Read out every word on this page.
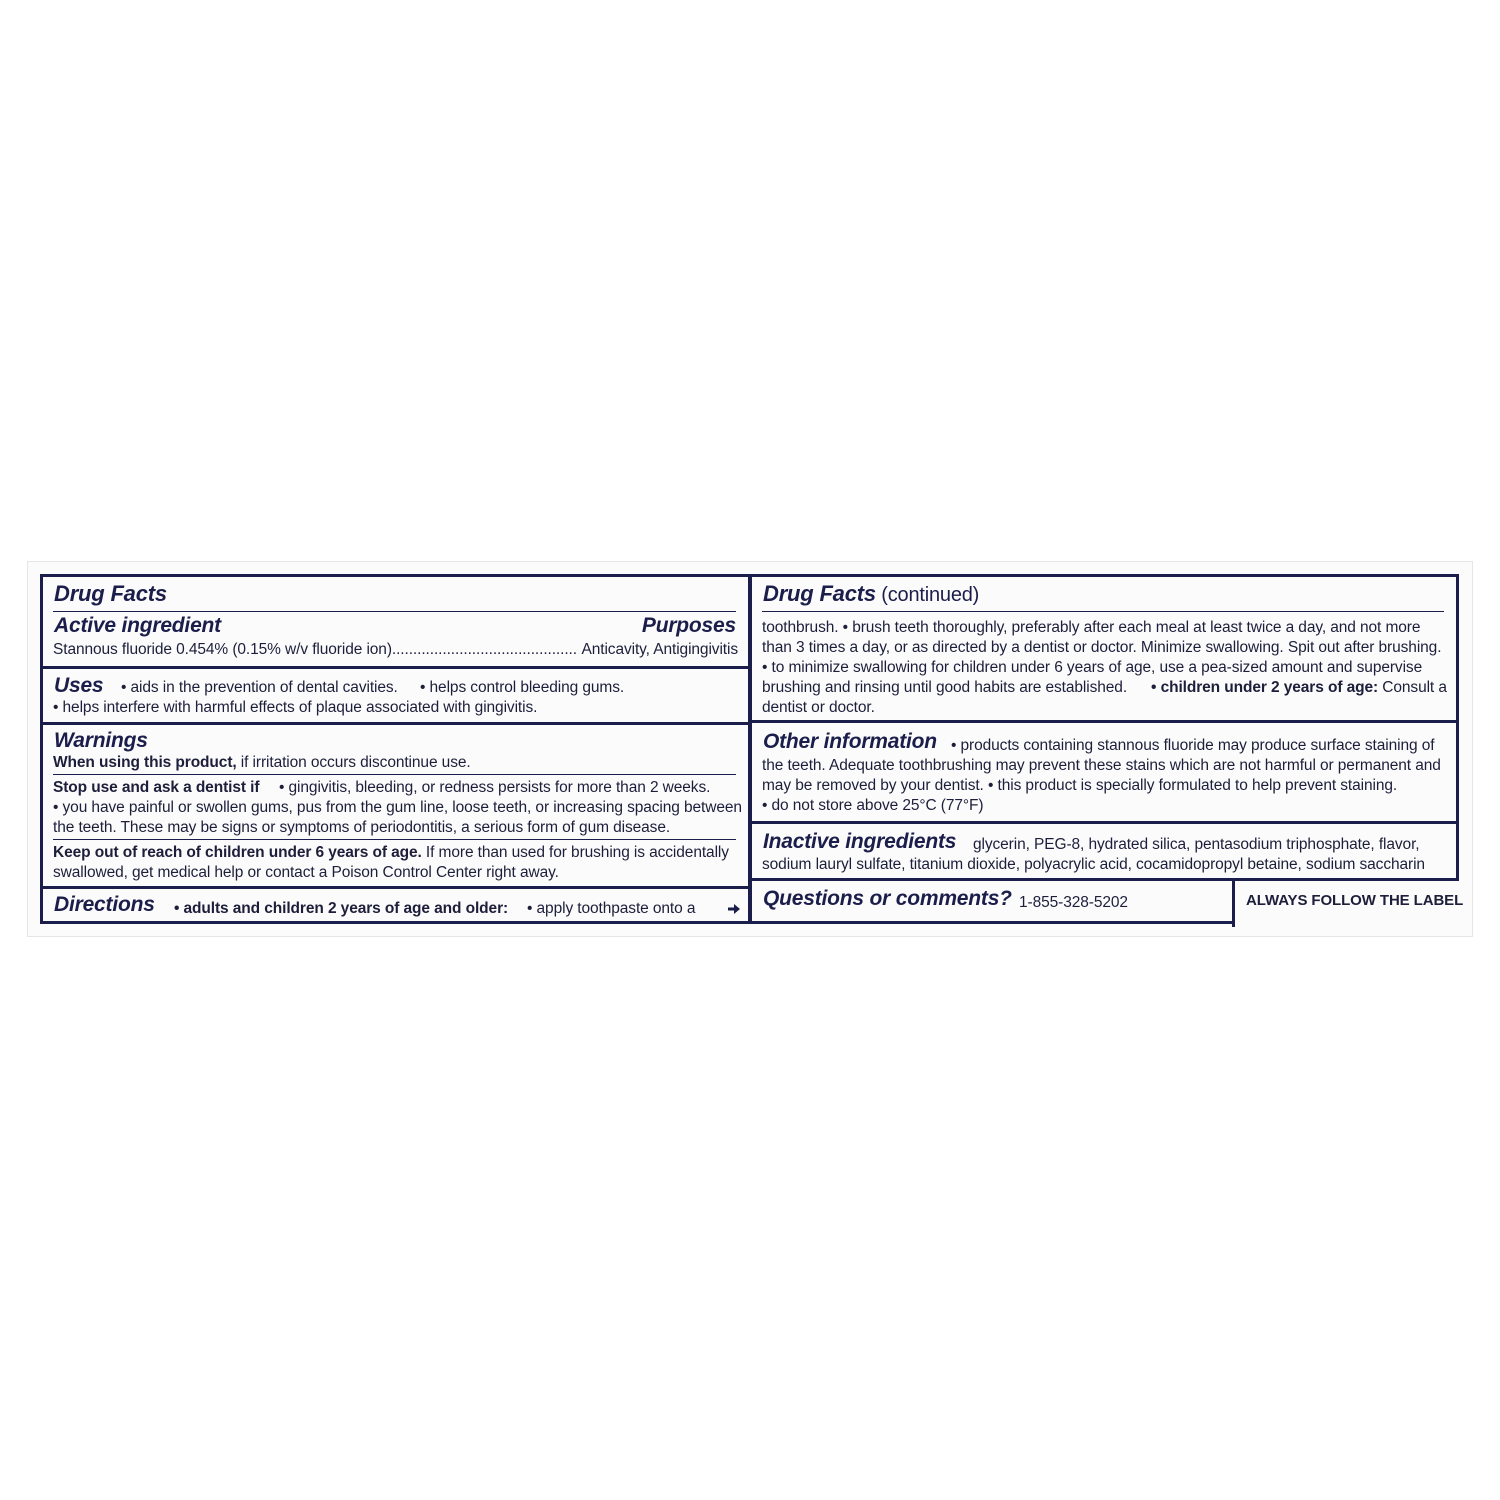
Drug Facts
Active ingredient	Purposes
Stannous fluoride 0.454% (0.15% w/v fluoride ion)............................................ Anticavity, Antigingivitis
Uses • aids in the prevention of dental cavities. • helps control bleeding gums.
• helps interfere with harmful effects of plaque associated with gingivitis.
Warnings
When using this product, if irritation occurs discontinue use.
Stop use and ask a dentist if • gingivitis, bleeding, or redness persists for more than 2 weeks.
• you have painful or swollen gums, pus from the gum line, loose teeth, or increasing spacing between
the teeth. These may be signs or symptoms of periodontitis, a serious form of gum disease.
Keep out of reach of children under 6 years of age. If more than used for brushing is accidentally
swallowed, get medical help or contact a Poison Control Center right away.
Directions • adults and children 2 years of age and older: • apply toothpaste onto a
Drug Facts (continued)
toothbrush. • brush teeth thoroughly, preferably after each meal at least twice a day, and not more
than 3 times a day, or as directed by a dentist or doctor. Minimize swallowing. Spit out after brushing.
• to minimize swallowing for children under 6 years of age, use a pea-sized amount and supervise
brushing and rinsing until good habits are established. • children under 2 years of age: Consult a
dentist or doctor.
Other information • products containing stannous fluoride may produce surface staining of
the teeth. Adequate toothbrushing may prevent these stains which are not harmful or permanent and
may be removed by your dentist. • this product is specially formulated to help prevent staining.
• do not store above 25°C (77°F)
Inactive ingredients glycerin, PEG-8, hydrated silica, pentasodium triphosphate, flavor,
sodium lauryl sulfate, titanium dioxide, polyacrylic acid, cocamidopropyl betaine, sodium saccharin
Questions or comments? 1-855-328-5202	ALWAYS FOLLOW THE LABEL
